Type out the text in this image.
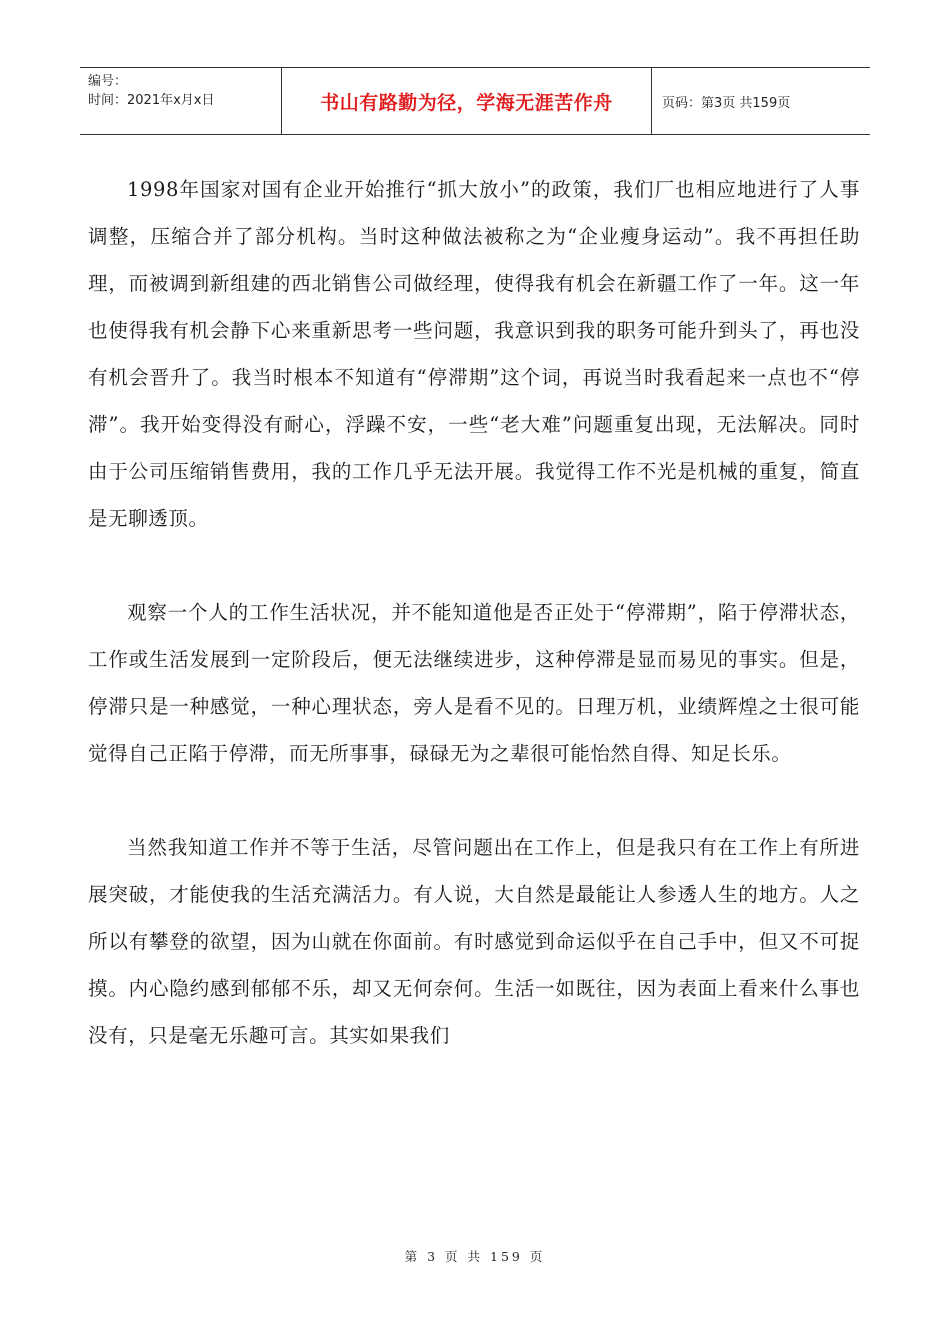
编号：
时间：2021年x月x日	书山有路勤为径，学海无涯苦作舟	页码：第3页 共159页

1998年国家对国有企业开始推行“抓大放小”的政策，我们厂也相应地进行了人事调整，压缩合并了部分机构。当时这种做法被称之为“企业瘦身运动”。我不再担任助理，而被调到新组建的西北销售公司做经理，使得我有机会在新疆工作了一年。这一年也使得我有机会静下心来重新思考一些问题，我意识到我的职务可能升到头了，再也没有机会晋升了。我当时根本不知道有“停滞期”这个词，再说当时我看起来一点也不“停滞”。我开始变得没有耐心，浮躁不安，一些“老大难”问题重复出现，无法解决。同时由于公司压缩销售费用，我的工作几乎无法开展。我觉得工作不光是机械的重复，简直是无聊透顶。

观察一个人的工作生活状况，并不能知道他是否正处于“停滞期”，陷于停滞状态，工作或生活发展到一定阶段后，便无法继续进步，这种停滞是显而易见的事实。但是，停滞只是一种感觉，一种心理状态，旁人是看不见的。日理万机，业绩辉煌之士很可能觉得自己正陷于停滞，而无所事事，碌碌无为之辈很可能怡然自得、知足长乐。

当然我知道工作并不等于生活，尽管问题出在工作上，但是我只有在工作上有所进展突破，才能使我的生活充满活力。有人说，大自然是最能让人参透人生的地方。人之所以有攀登的欲望，因为山就在你面前。有时感觉到命运似乎在自己手中，但又不可捉摸。内心隐约感到郁郁不乐，却又无何奈何。生活一如既往，因为表面上看来什么事也没有，只是毫无乐趣可言。其实如果我们

第 3 页 共 159 页
